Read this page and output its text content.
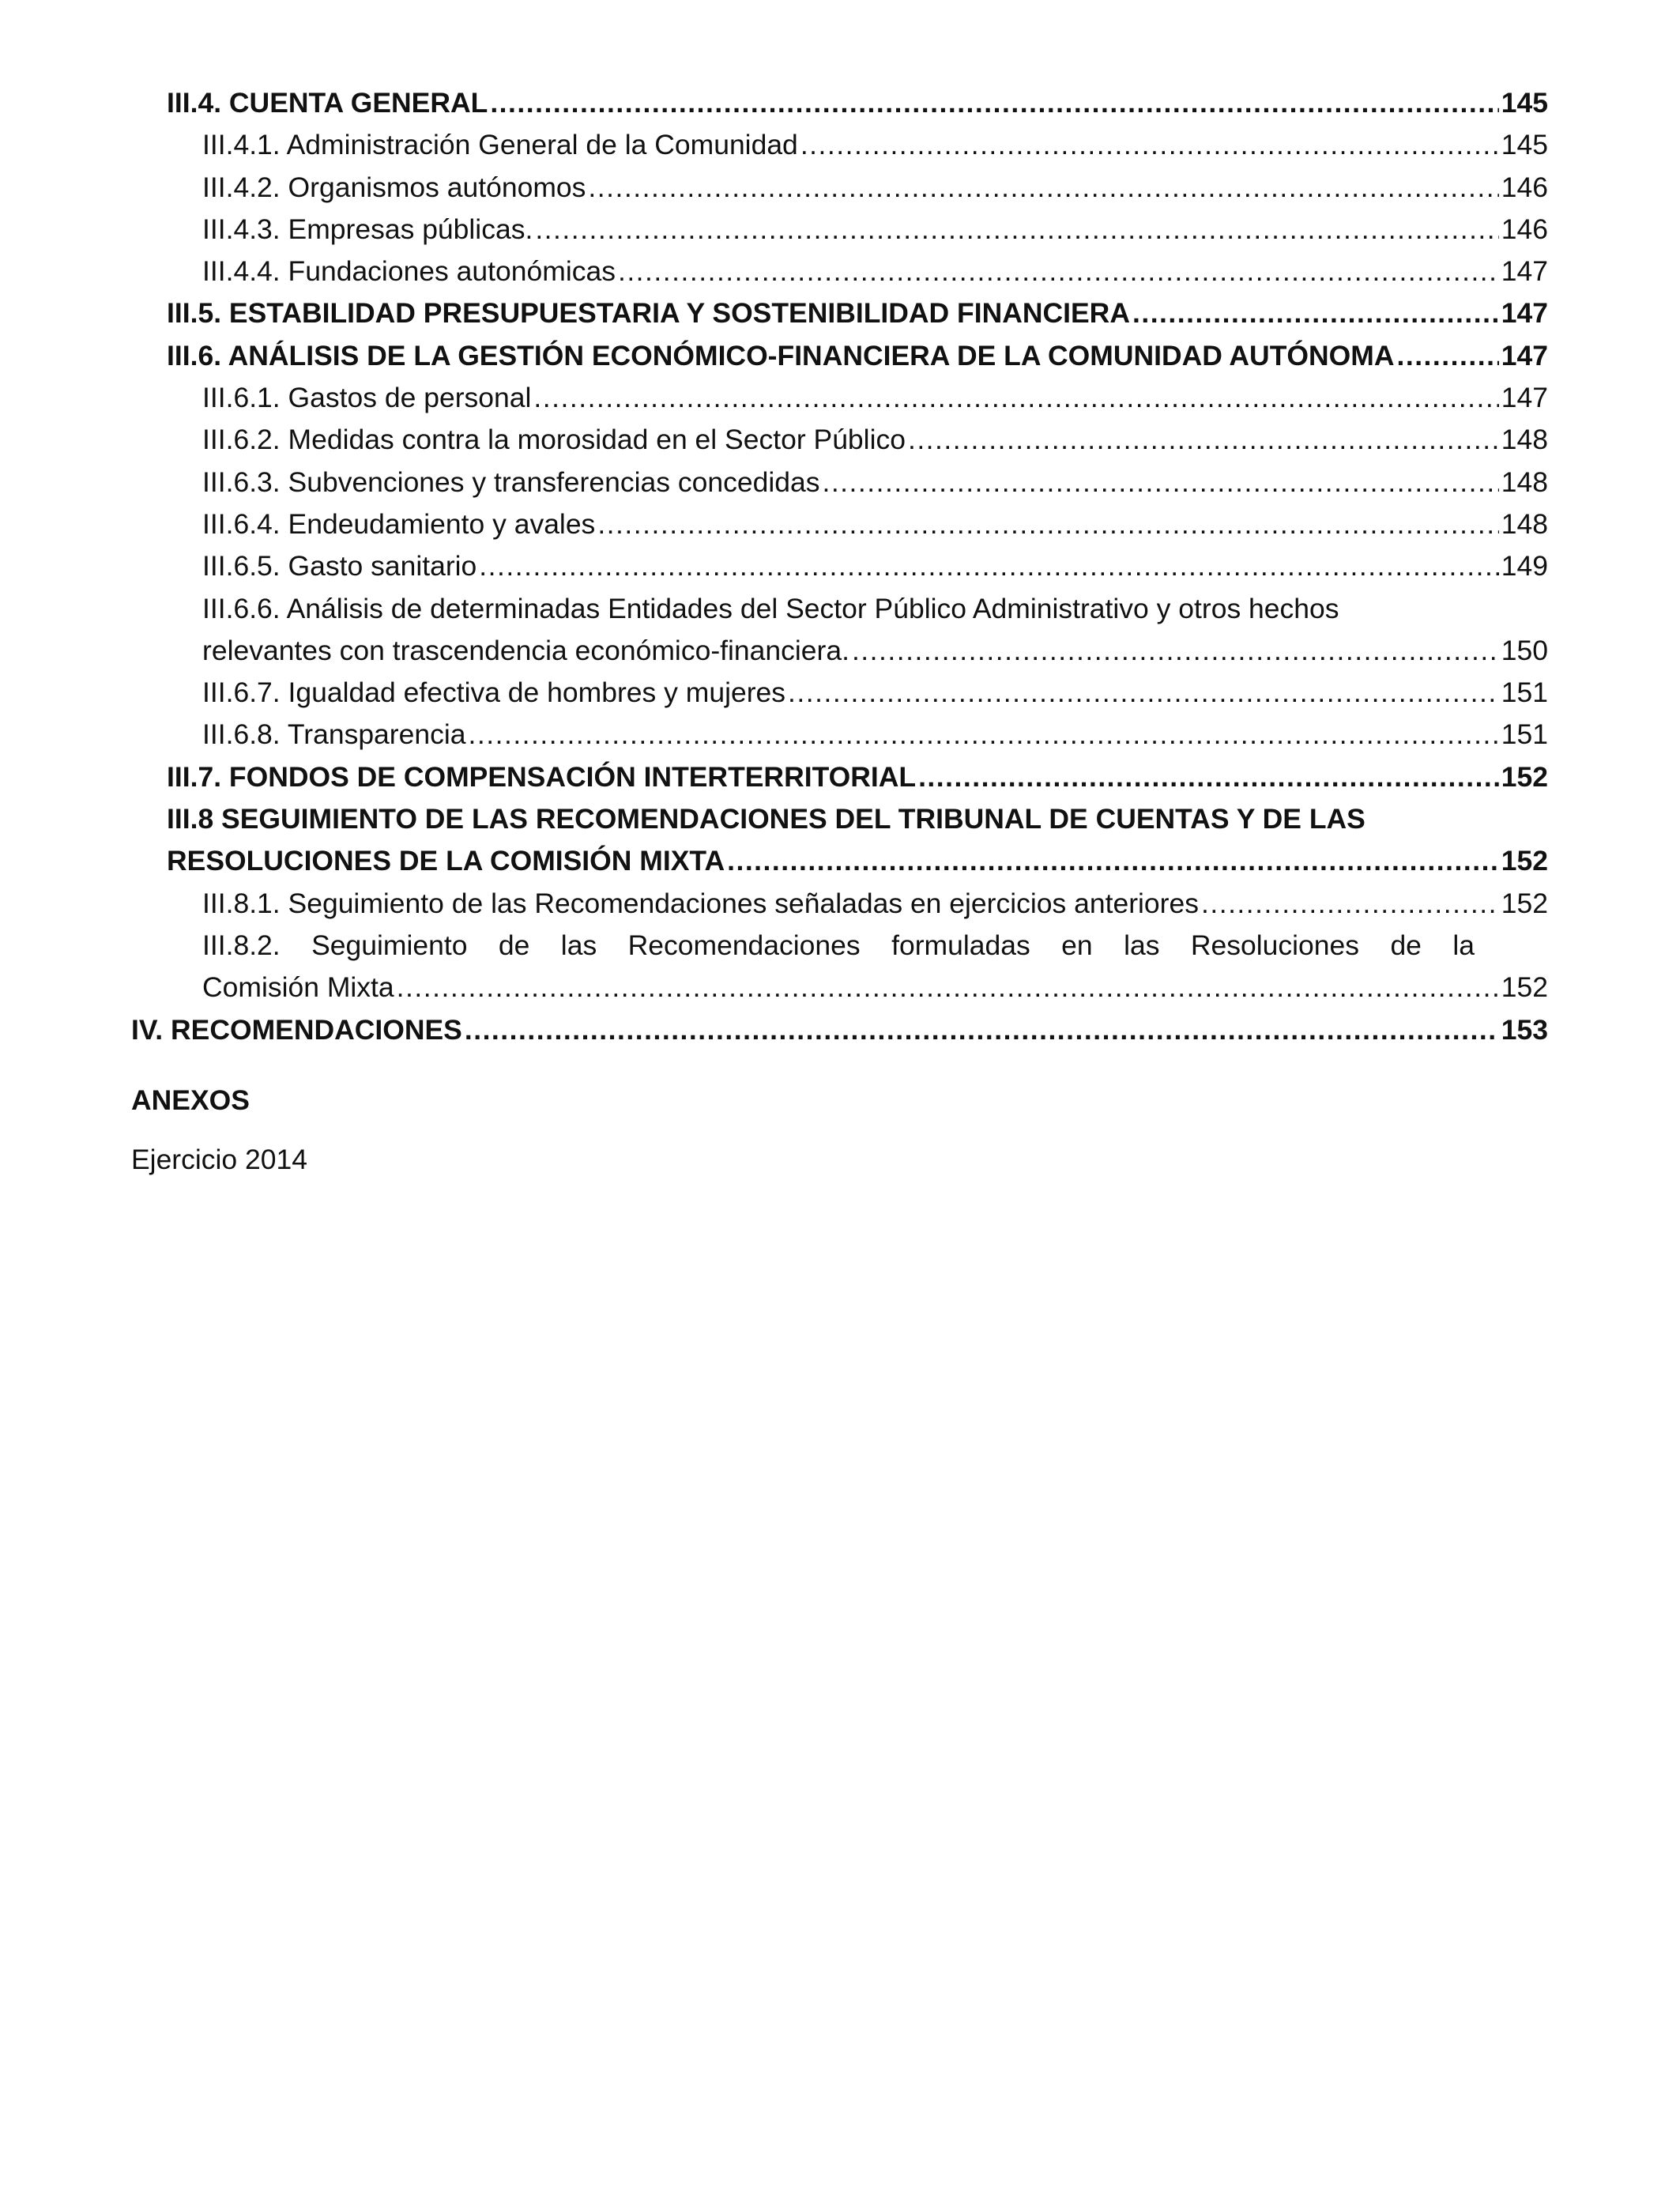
III.4. CUENTA GENERAL .....	145
III.4.1. Administración General de la Comunidad .....	145
III.4.2. Organismos autónomos .....	146
III.4.3. Empresas públicas. .....	146
III.4.4. Fundaciones autonómicas .....	147
III.5. ESTABILIDAD PRESUPUESTARIA Y SOSTENIBILIDAD FINANCIERA .....	147
III.6. ANÁLISIS DE LA GESTIÓN ECONÓMICO-FINANCIERA DE LA COMUNIDAD AUTÓNOMA .....	147
III.6.1. Gastos de personal .....	147
III.6.2. Medidas contra la morosidad en el Sector Público .....	148
III.6.3. Subvenciones y transferencias concedidas .....	148
III.6.4. Endeudamiento y avales .....	148
III.6.5. Gasto sanitario .....	149
III.6.6. Análisis de determinadas Entidades del Sector Público Administrativo y otros hechos
relevantes con trascendencia económico-financiera. .....	150
III.6.7. Igualdad efectiva de hombres y mujeres .....	151
III.6.8. Transparencia .....	151
III.7. FONDOS DE COMPENSACIÓN INTERTERRITORIAL .....	152
III.8 SEGUIMIENTO DE LAS RECOMENDACIONES DEL TRIBUNAL DE CUENTAS Y DE LAS
RESOLUCIONES DE LA COMISIÓN MIXTA .....	152
III.8.1. Seguimiento de las Recomendaciones señaladas en ejercicios anteriores .....	152
III.8.2. Seguimiento de las Recomendaciones formuladas en las Resoluciones de la
Comisión Mixta .....	152
IV. RECOMENDACIONES .....	153
ANEXOS
Ejercicio 2014
